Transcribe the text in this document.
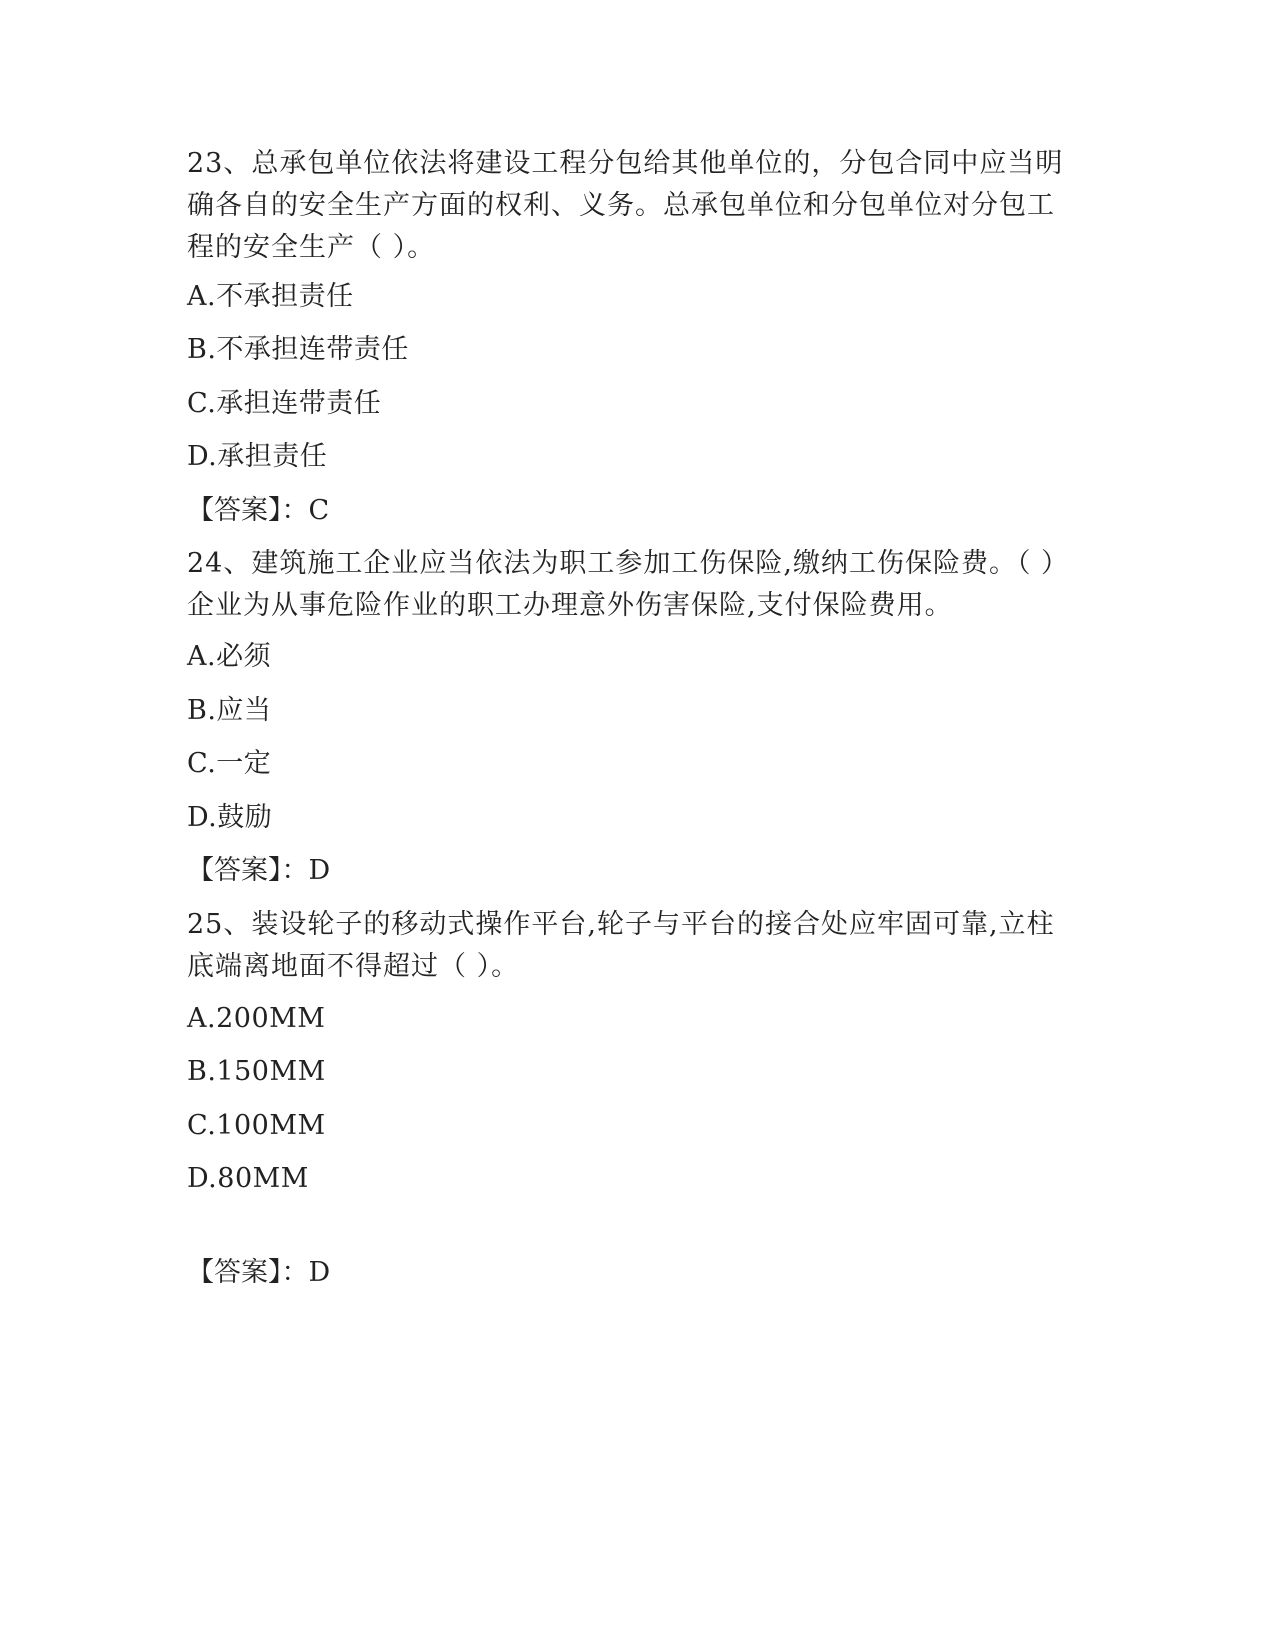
23、总承包单位依法将建设工程分包给其他单位的，分包合同中应当明确各自的安全生产方面的权利、义务。总承包单位和分包单位对分包工程的安全生产（ ）。
A.不承担责任
B.不承担连带责任
C.承担连带责任
D.承担责任
【答案】：C
24、建筑施工企业应当依法为职工参加工伤保险,缴纳工伤保险费。（ ）企业为从事危险作业的职工办理意外伤害保险,支付保险费用。
A.必须
B.应当
C.一定
D.鼓励
【答案】：D
25、装设轮子的移动式操作平台,轮子与平台的接合处应牢固可靠,立柱底端离地面不得超过（ ）。
A.200MM
B.150MM
C.100MM
D.80MM
【答案】：D
